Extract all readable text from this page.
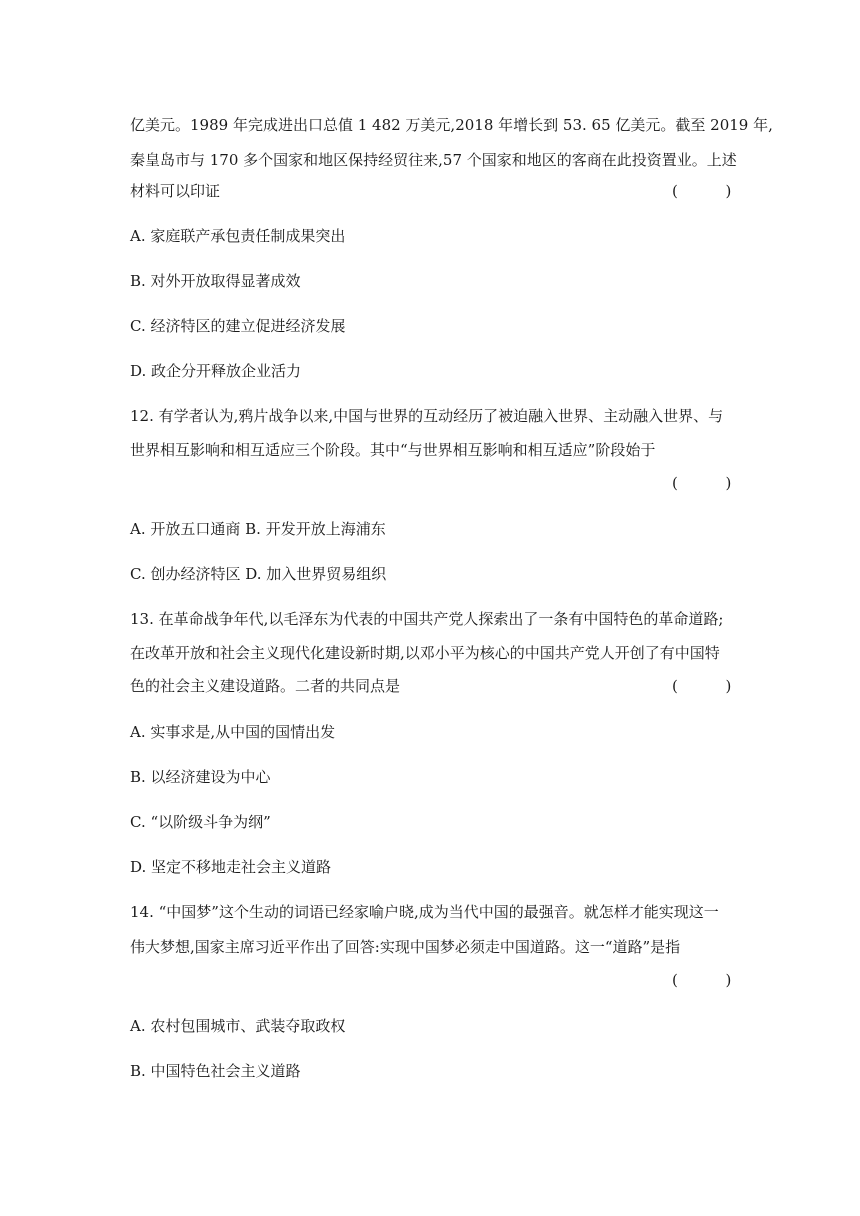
亿美元。1989 年完成进出口总值 1 482 万美元,2018 年增长到 53. 65 亿美元。截至 2019 年,
秦皇岛市与 170 多个国家和地区保持经贸往来,57 个国家和地区的客商在此投资置业。上述
材料可以印证	(          )
A. 家庭联产承包责任制成果突出
B. 对外开放取得显著成效
C. 经济特区的建立促进经济发展
D. 政企分开释放企业活力
12. 有学者认为,鸦片战争以来,中国与世界的互动经历了被迫融入世界、主动融入世界、与
世界相互影响和相互适应三个阶段。其中“与世界相互影响和相互适应”阶段始于
(          )
A. 开放五口通商 B. 开发开放上海浦东
C. 创办经济特区 D. 加入世界贸易组织
13. 在革命战争年代,以毛泽东为代表的中国共产党人探索出了一条有中国特色的革命道路;
在改革开放和社会主义现代化建设新时期,以邓小平为核心的中国共产党人开创了有中国特
色的社会主义建设道路。二者的共同点是	(          )
A. 实事求是,从中国的国情出发
B. 以经济建设为中心
C. “以阶级斗争为纲”
D. 坚定不移地走社会主义道路
14. “中国梦”这个生动的词语已经家喻户晓,成为当代中国的最强音。就怎样才能实现这一
伟大梦想,国家主席习近平作出了回答:实现中国梦必须走中国道路。这一“道路”是指
(          )
A. 农村包围城市、武装夺取政权
B. 中国特色社会主义道路
